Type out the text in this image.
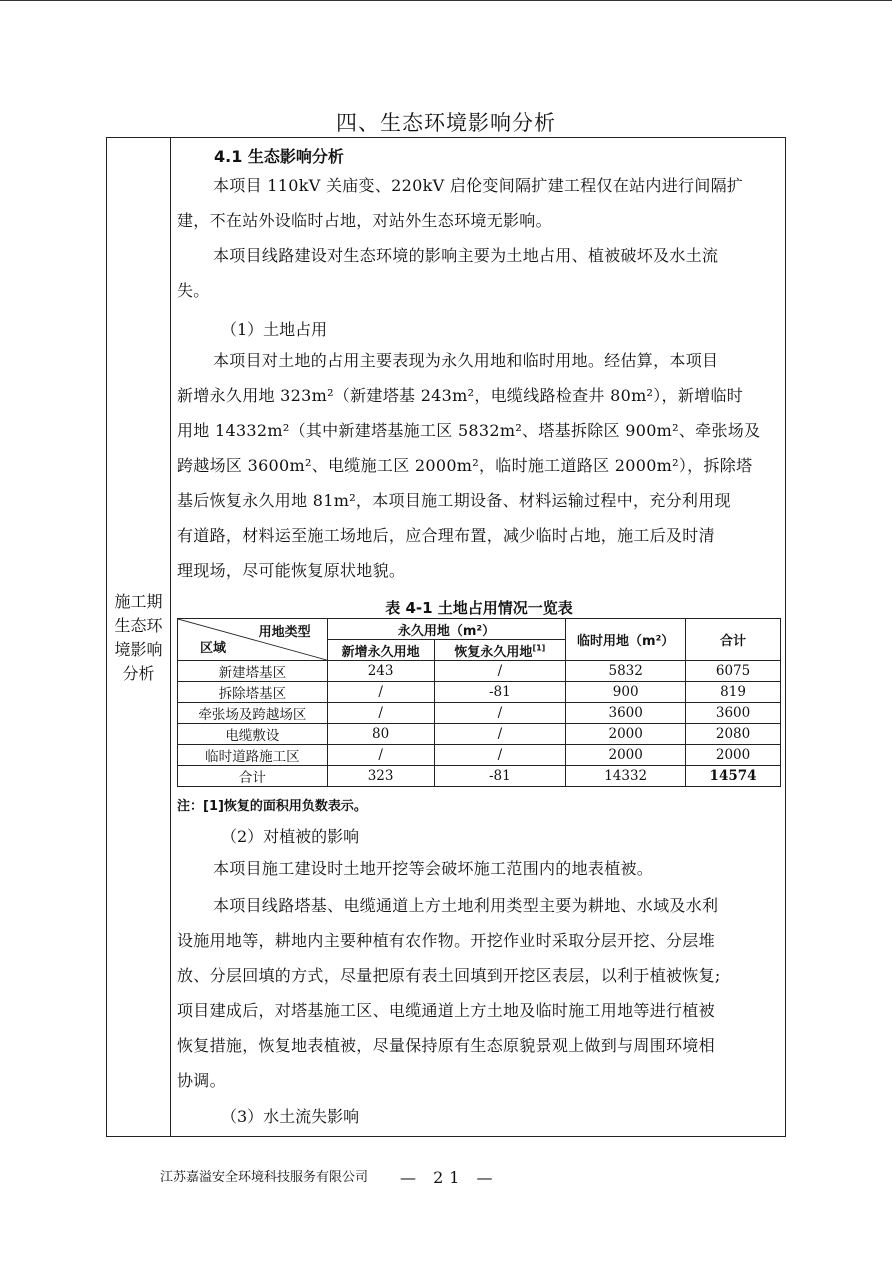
四、生态环境影响分析
施工期
生态环
境影响
分析
4.1 生态影响分析
本项目 110kV 关庙变、220kV 启伦变间隔扩建工程仅在站内进行间隔扩
建，不在站外设临时占地，对站外生态环境无影响。
本项目线路建设对生态环境的影响主要为土地占用、植被破坏及水土流
失。
（1）土地占用
本项目对土地的占用主要表现为永久用地和临时用地。经估算，本项目
新增永久用地 323m²（新建塔基 243m²，电缆线路检查井 80m²），新增临时
用地 14332m²（其中新建塔基施工区 5832m²、塔基拆除区 900m²、牵张场及
跨越场区 3600m²、电缆施工区 2000m²，临时施工道路区 2000m²），拆除塔
基后恢复永久用地 81m²，本项目施工期设备、材料运输过程中，充分利用现
有道路，材料运至施工场地后，应合理布置，减少临时占地，施工后及时清
理现场，尽可能恢复原状地貌。
表 4-1 土地占用情况一览表
用地类型
区域	永久用地（m²）		临时用地（m²）	合计
	新增永久用地	恢复永久用地[1]
新建塔基区	243	/	5832	6075
拆除塔基区	/	-81	900	819
牵张场及跨越场区	/	/	3600	3600
电缆敷设	80	/	2000	2080
临时道路施工区	/	/	2000	2000
合计	323	-81	14332	14574
注：[1]恢复的面积用负数表示。
（2）对植被的影响
本项目施工建设时土地开挖等会破坏施工范围内的地表植被。
本项目线路塔基、电缆通道上方土地利用类型主要为耕地、水域及水利
设施用地等，耕地内主要种植有农作物。开挖作业时采取分层开挖、分层堆
放、分层回填的方式，尽量把原有表土回填到开挖区表层，以利于植被恢复;
项目建成后，对塔基施工区、电缆通道上方土地及临时施工用地等进行植被
恢复措施，恢复地表植被，尽量保持原有生态原貌景观上做到与周围环境相
协调。
（3）水土流失影响
江苏嘉溢安全环境科技服务有限公司 — 21 —
